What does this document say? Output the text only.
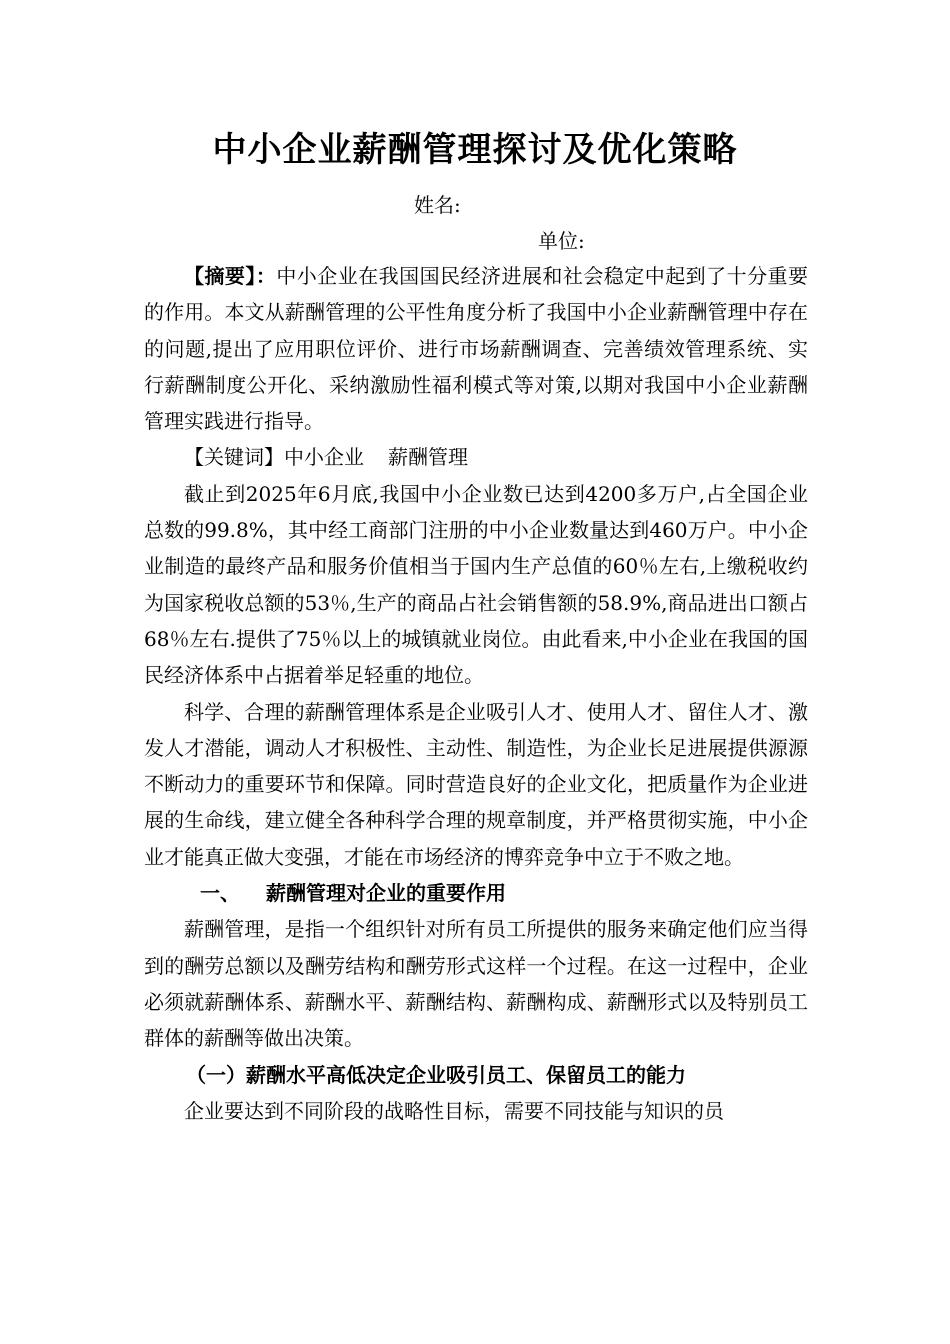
中小企业薪酬管理探讨及优化策略
姓名:
单位:

【摘要】：中小企业在我国国民经济进展和社会稳定中起到了十分重要的作用。本文从薪酬管理的公平性角度分析了我国中小企业薪酬管理中存在的问题,提出了应用职位评价、进行市场薪酬调查、完善绩效管理系统、实行薪酬制度公开化、采纳激励性福利模式等对策,以期对我国中小企业薪酬管理实践进行指导。

【关键词】中小企业 薪酬管理

截止到2025年6月底,我国中小企业数已达到4200多万户,占全国企业总数的99.8%，其中经工商部门注册的中小企业数量达到460万户。中小企业制造的最终产品和服务价值相当于国内生产总值的60％左右,上缴税收约为国家税收总额的53％,生产的商品占社会销售额的58.9%,商品进出口额占68％左右.提供了75％以上的城镇就业岗位。由此看来,中小企业在我国的国民经济体系中占据着举足轻重的地位。

科学、合理的薪酬管理体系是企业吸引人才、使用人才、留住人才、激发人才潜能，调动人才积极性、主动性、制造性，为企业长足进展提供源源不断动力的重要环节和保障。同时营造良好的企业文化，把质量作为企业进展的生命线，建立健全各种科学合理的规章制度，并严格贯彻实施，中小企业才能真正做大变强，才能在市场经济的博弈竞争中立于不败之地。

一、 薪酬管理对企业的重要作用

薪酬管理，是指一个组织针对所有员工所提供的服务来确定他们应当得到的酬劳总额以及酬劳结构和酬劳形式这样一个过程。在这一过程中，企业必须就薪酬体系、薪酬水平、薪酬结构、薪酬构成、薪酬形式以及特别员工群体的薪酬等做出决策。

（一）薪酬水平高低决定企业吸引员工、保留员工的能力

企业要达到不同阶段的战略性目标，需要不同技能与知识的员
